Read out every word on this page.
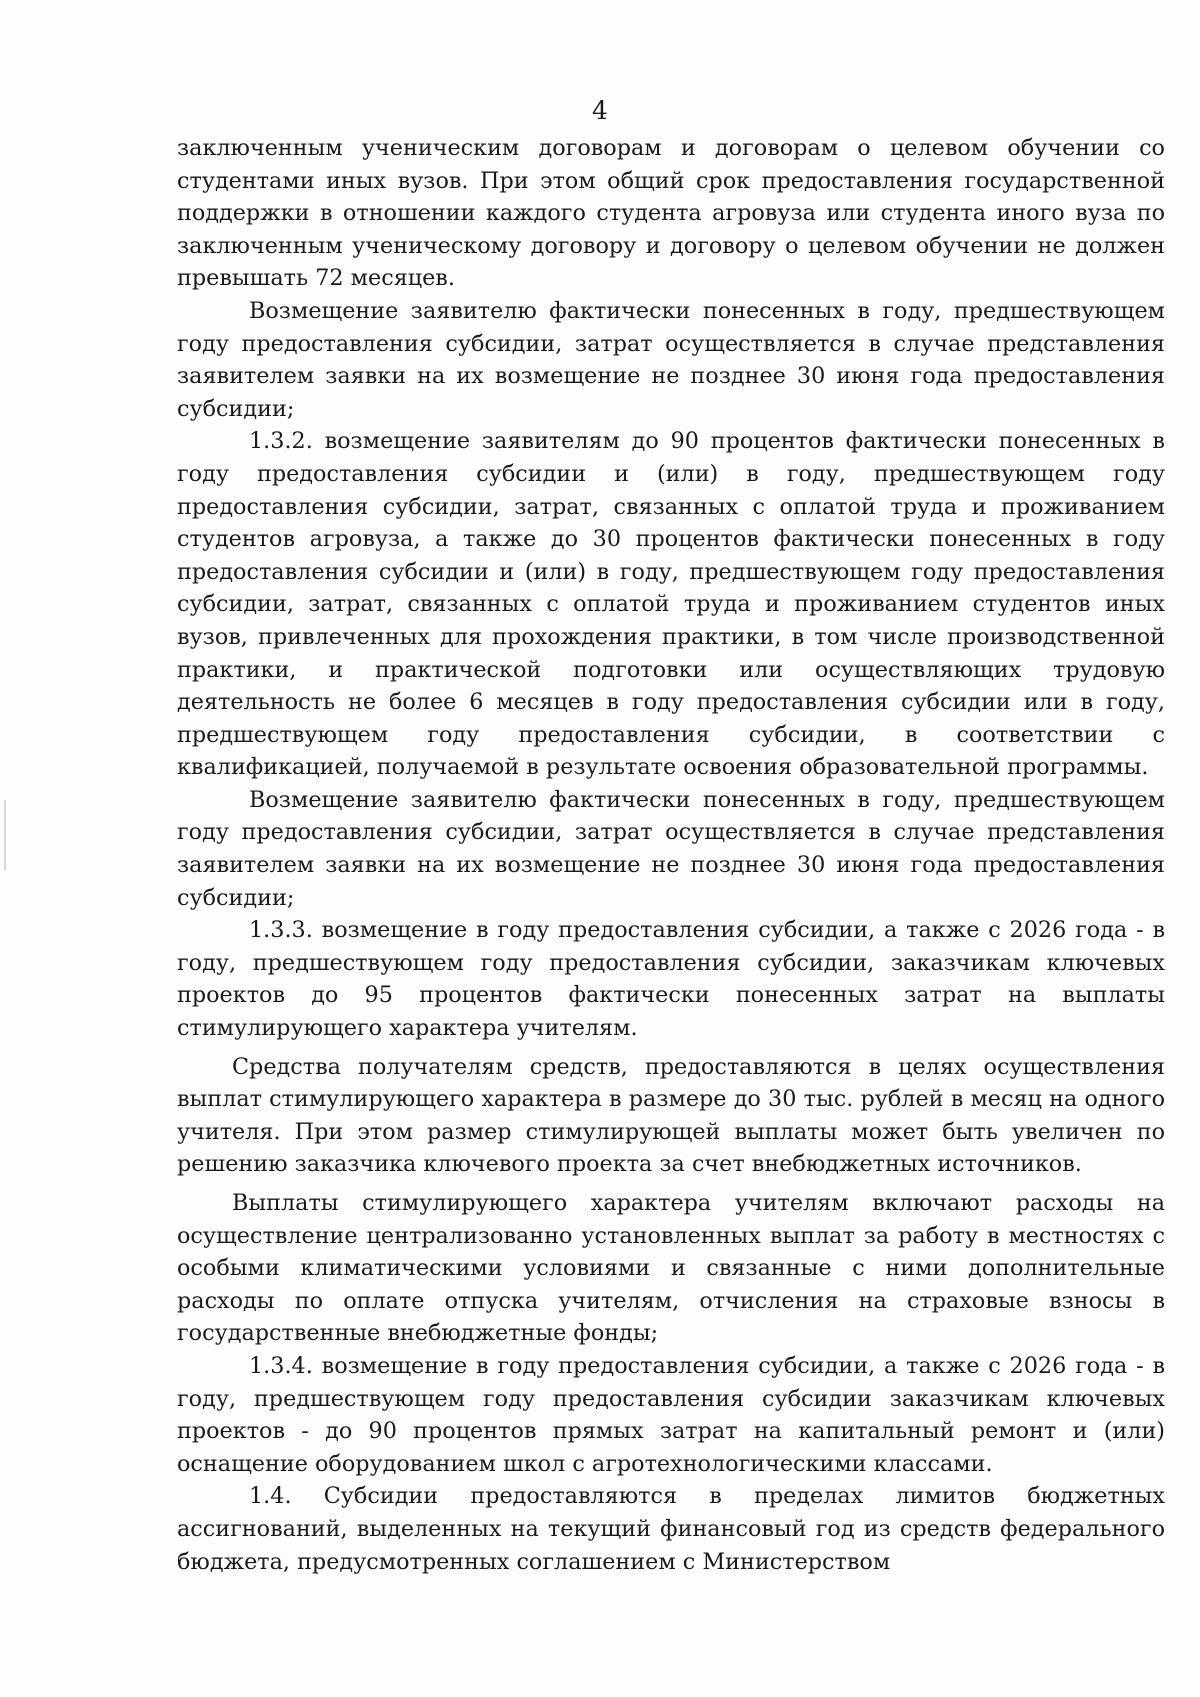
4

заключенным ученическим договорам и договорам о целевом обучении со студентами иных вузов. При этом общий срок предоставления государственной поддержки в отношении каждого студента агровуза или студента иного вуза по заключенным ученическому договору и договору о целевом обучении не должен превышать 72 месяцев.

Возмещение заявителю фактически понесенных в году, предшествующем году предоставления субсидии, затрат осуществляется в случае представления заявителем заявки на их возмещение не позднее 30 июня года предоставления субсидии;

1.3.2. возмещение заявителям до 90 процентов фактически понесенных в году предоставления субсидии и (или) в году, предшествующем году предоставления субсидии, затрат, связанных с оплатой труда и проживанием студентов агровуза, а также до 30 процентов фактически понесенных в году предоставления субсидии и (или) в году, предшествующем году предоставления субсидии, затрат, связанных с оплатой труда и проживанием студентов иных вузов, привлеченных для прохождения практики, в том числе производственной практики, и практической подготовки или осуществляющих трудовую деятельность не более 6 месяцев в году предоставления субсидии или в году, предшествующем году предоставления субсидии, в соответствии с квалификацией, получаемой в результате освоения образовательной программы.

Возмещение заявителю фактически понесенных в году, предшествующем году предоставления субсидии, затрат осуществляется в случае представления заявителем заявки на их возмещение не позднее 30 июня года предоставления субсидии;

1.3.3. возмещение в году предоставления субсидии, а также с 2026 года - в году, предшествующем году предоставления субсидии, заказчикам ключевых проектов до 95 процентов фактически понесенных затрат на выплаты стимулирующего характера учителям.

Средства получателям средств, предоставляются в целях осуществления выплат стимулирующего характера в размере до 30 тыс. рублей в месяц на одного учителя. При этом размер стимулирующей выплаты может быть увеличен по решению заказчика ключевого проекта за счет внебюджетных источников.

Выплаты стимулирующего характера учителям включают расходы на осуществление централизованно установленных выплат за работу в местностях с особыми климатическими условиями и связанные с ними дополнительные расходы по оплате отпуска учителям, отчисления на страховые взносы в государственные внебюджетные фонды;

1.3.4. возмещение в году предоставления субсидии, а также с 2026 года - в году, предшествующем году предоставления субсидии заказчикам ключевых проектов - до 90 процентов прямых затрат на капитальный ремонт и (или) оснащение оборудованием школ с агротехнологическими классами.

1.4. Субсидии предоставляются в пределах лимитов бюджетных ассигнований, выделенных на текущий финансовый год из средств федерального бюджета, предусмотренных соглашением с Министерством
